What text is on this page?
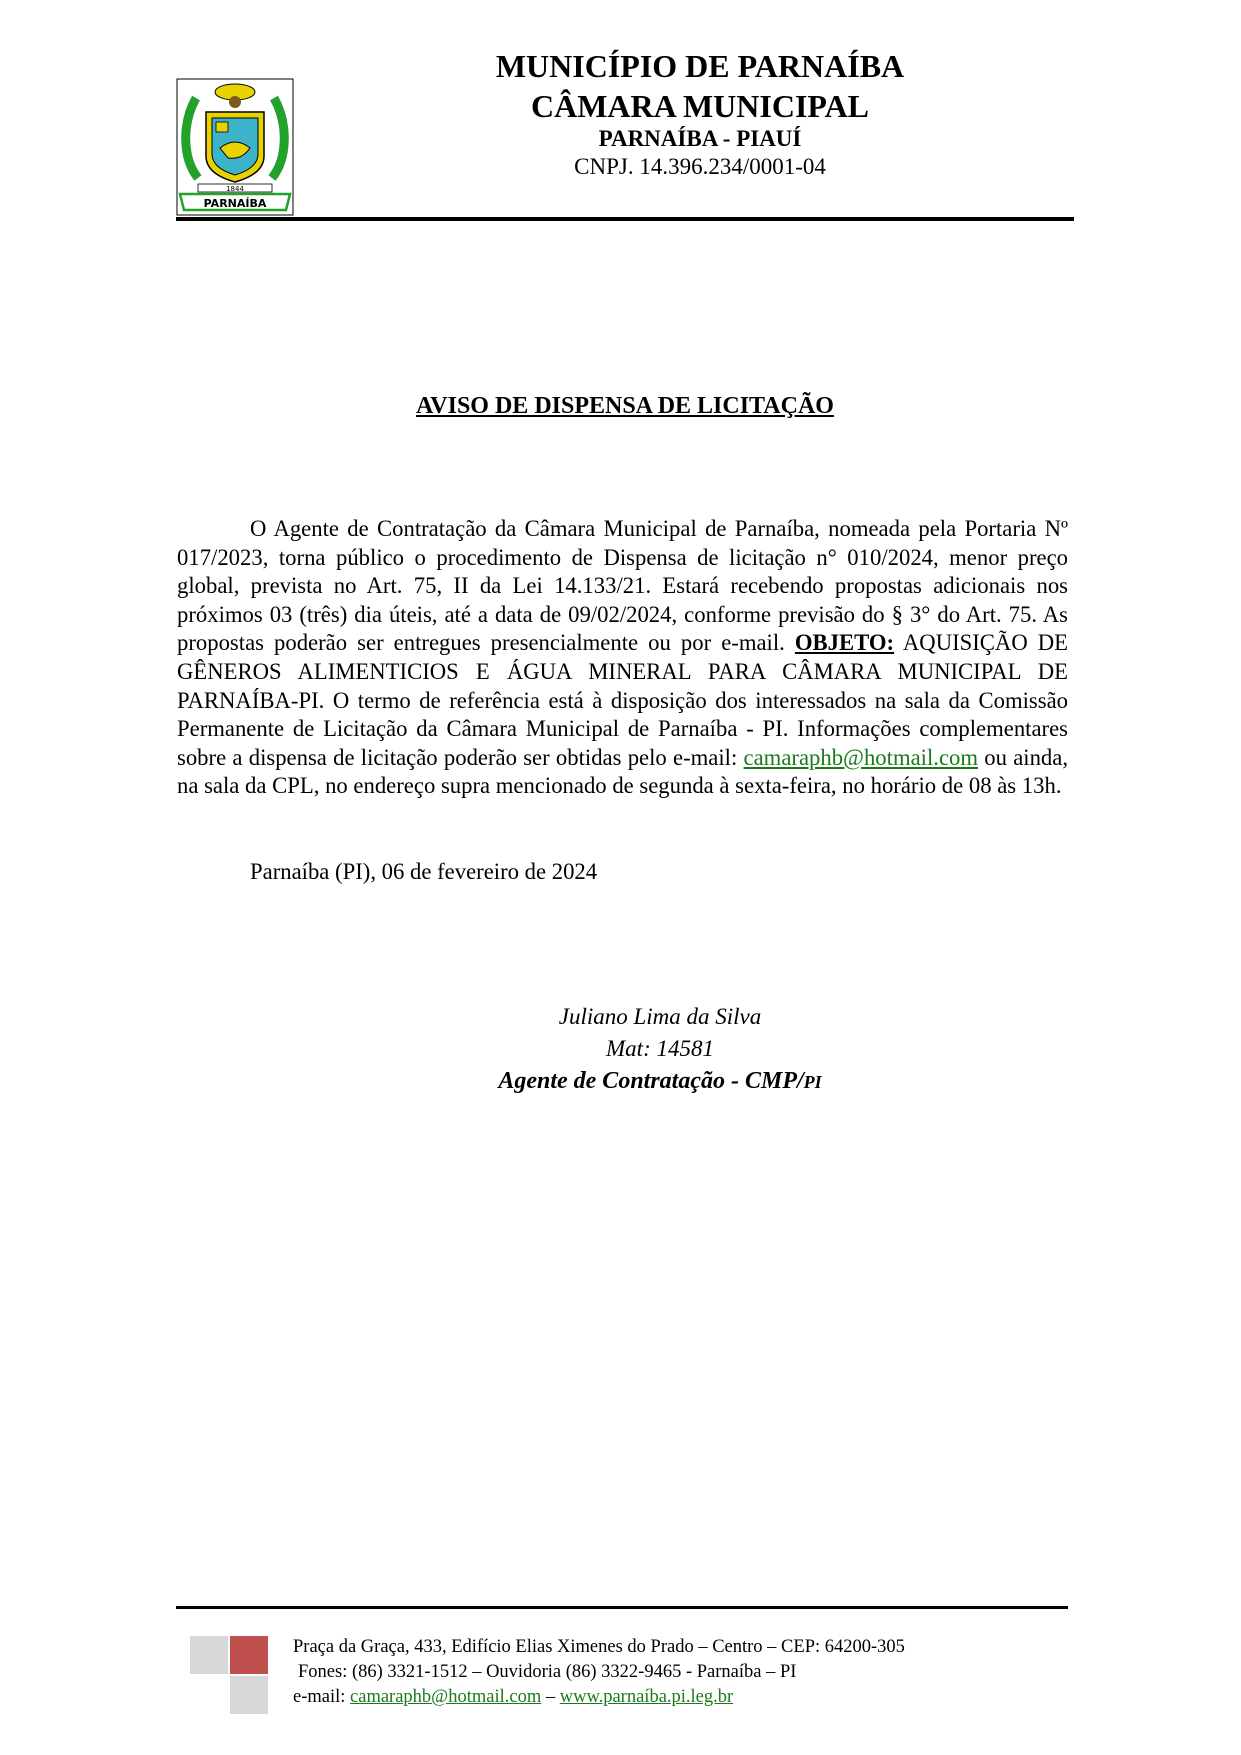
1844
PARNAÍBA
MUNICÍPIO DE PARNAÍBA
CÂMARA MUNICIPAL
PARNAÍBA - PIAUÍ
CNPJ. 14.396.234/0001-04
AVISO DE DISPENSA DE LICITAÇÃO

O Agente de Contratação da Câmara Municipal de Parnaíba, nomeada pela Portaria Nº 017/2023, torna público o procedimento de Dispensa de licitação n° 010/2024, menor preço global, prevista no Art. 75, II da Lei 14.133/21. Estará recebendo propostas adicionais nos próximos 03 (três) dia úteis, até a data de 09/02/2024, conforme previsão do § 3° do Art. 75. As propostas poderão ser entregues presencialmente ou por e-mail. OBJETO: AQUISIÇÃO DE GÊNEROS ALIMENTICIOS E ÁGUA MINERAL PARA CÂMARA MUNICIPAL DE PARNAÍBA-PI. O termo de referência está à disposição dos interessados na sala da Comissão Permanente de Licitação da Câmara Municipal de Parnaíba - PI. Informações complementares sobre a dispensa de licitação poderão ser obtidas pelo e-mail: camaraphb@hotmail.com ou ainda, na sala da CPL, no endereço supra mencionado de segunda à sexta-feira, no horário de 08 às 13h.

Parnaíba (PI), 06 de fevereiro de 2024
Juliano Lima da Silva
Mat: 14581
Agente de Contratação - CMP/PI
Praça da Graça, 433, Edifício Elias Ximenes do Prado – Centro – CEP: 64200-305
Fones: (86) 3321-1512 – Ouvidoria (86) 3322-9465 - Parnaíba – PI
e-mail: camaraphb@hotmail.com – www.parnaíba.pi.leg.br
